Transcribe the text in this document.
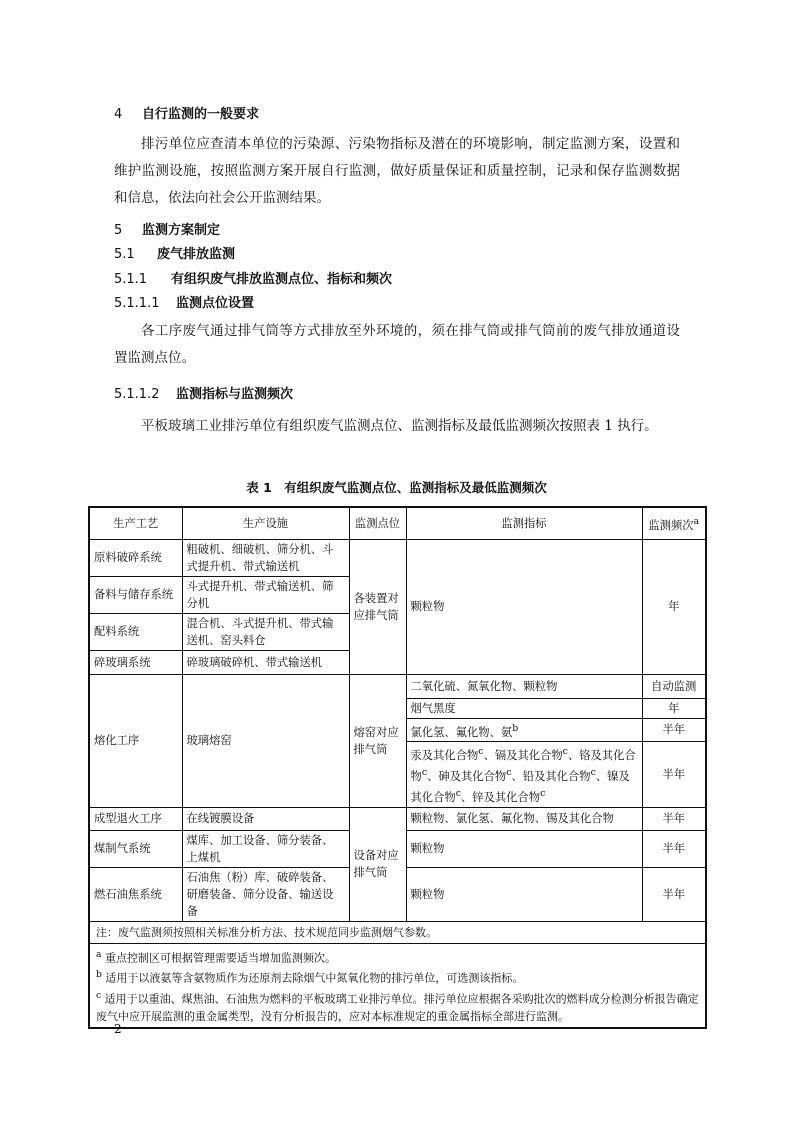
4 自行监测的一般要求
排污单位应查清本单位的污染源、污染物指标及潜在的环境影响，制定监测方案，设置和维护监测设施，按照监测方案开展自行监测，做好质量保证和质量控制，记录和保存监测数据和信息，依法向社会公开监测结果。
5 监测方案制定
5.1 废气排放监测
5.1.1 有组织废气排放监测点位、指标和频次
5.1.1.1 监测点位设置
各工序废气通过排气筒等方式排放至外环境的，须在排气筒或排气筒前的废气排放通道设置监测点位。
5.1.1.2 监测指标与监测频次
平板玻璃工业排污单位有组织废气监测点位、监测指标及最低监测频次按照表 1 执行。
表 1　有组织废气监测点位、监测指标及最低监测频次
生产工艺	生产设施	监测点位	监测指标	监测频次$^a$
原料破碎系统	粗破机、细破机、筛分机、斗式提升机、带式输送机	各装置对应排气筒	颗粒物	年
备料与储存系统	斗式提升机、带式输送机、筛分机			
配料系统	混合机、斗式提升机、带式输送机、窑头料仓			
碎玻璃系统	碎玻璃破碎机、带式输送机			
熔化工序	玻璃熔窑	熔窑对应排气筒	二氧化硫、氮氧化物、颗粒物	自动监测
			烟气黑度	年
			氯化氢、氟化物、氨$^b$	半年
			汞及其化合物$^c$、镉及其化合物$^c$、铬及其化合物$^c$、砷及其化合物$^c$、铅及其化合物$^c$、镍及其化合物$^c$、锌及其化合物$^c$	半年
成型退火工序	在线镀膜设备	设备对应排气筒	颗粒物、氯化氢、氟化物、锡及其化合物	半年
煤制气系统	煤库、加工设备、筛分装备、上煤机		颗粒物	半年
燃石油焦系统	石油焦（粉）库、破碎装备、研磨装备、筛分设备、输送设备		颗粒物	半年
注：废气监测须按照相关标准分析方法、技术规范同步监测烟气参数。				

$^a$ 重点控制区可根据管理需要适当增加监测频次。
$^b$ 适用于以液氨等含氨物质作为还原剂去除烟气中氮氧化物的排污单位，可选测该指标。
$^c$ 适用于以重油、煤焦油、石油焦为燃料的平板玻璃工业排污单位。排污单位应根据各采购批次的燃料成分检测分析报告确定废气中应开展监测的重金属类型，没有分析报告的，应对本标准规定的重金属指标全部进行监测。				
2
